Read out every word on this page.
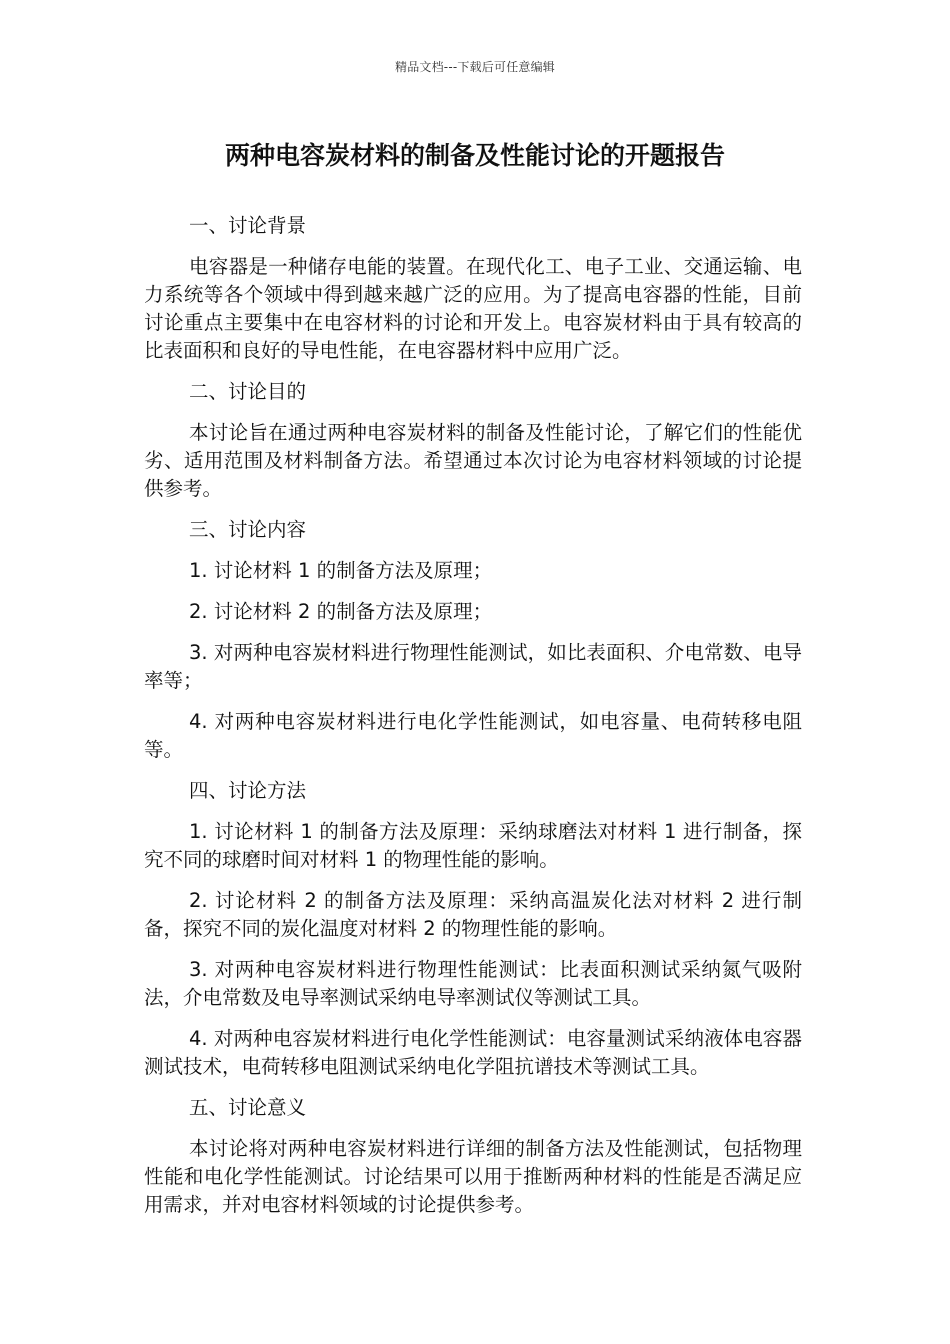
精品文档---下载后可任意编辑
两种电容炭材料的制备及性能讨论的开题报告

一、讨论背景

电容器是一种储存电能的装置。在现代化工、电子工业、交通运输、电力系统等各个领域中得到越来越广泛的应用。为了提高电容器的性能，目前讨论重点主要集中在电容材料的讨论和开发上。电容炭材料由于具有较高的比表面积和良好的导电性能，在电容器材料中应用广泛。

二、讨论目的

本讨论旨在通过两种电容炭材料的制备及性能讨论，了解它们的性能优劣、适用范围及材料制备方法。希望通过本次讨论为电容材料领域的讨论提供参考。

三、讨论内容

1. 讨论材料 1 的制备方法及原理；

2. 讨论材料 2 的制备方法及原理；

3. 对两种电容炭材料进行物理性能测试，如比表面积、介电常数、电导率等；

4. 对两种电容炭材料进行电化学性能测试，如电容量、电荷转移电阻等。

四、讨论方法

1. 讨论材料 1 的制备方法及原理：采纳球磨法对材料 1 进行制备，探究不同的球磨时间对材料 1 的物理性能的影响。

2. 讨论材料 2 的制备方法及原理：采纳高温炭化法对材料 2 进行制备，探究不同的炭化温度对材料 2 的物理性能的影响。

3. 对两种电容炭材料进行物理性能测试：比表面积测试采纳氮气吸附法，介电常数及电导率测试采纳电导率测试仪等测试工具。

4. 对两种电容炭材料进行电化学性能测试：电容量测试采纳液体电容器测试技术，电荷转移电阻测试采纳电化学阻抗谱技术等测试工具。

五、讨论意义

本讨论将对两种电容炭材料进行详细的制备方法及性能测试，包括物理性能和电化学性能测试。讨论结果可以用于推断两种材料的性能是否满足应用需求，并对电容材料领域的讨论提供参考。
